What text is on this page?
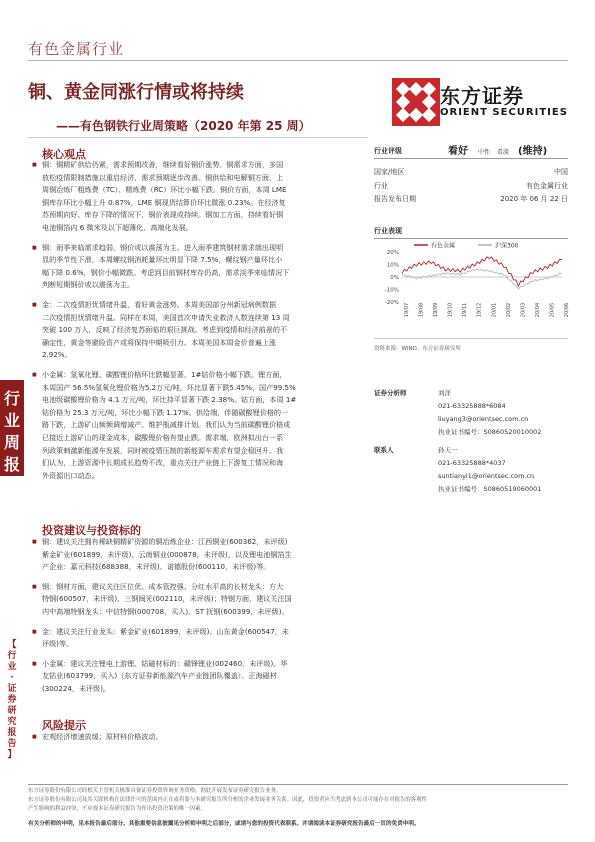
有色金属行业
铜、黄金同涨行情或将持续
——有色钢铁行业周策略（2020 年第 25 周）
东方证券
ORIENT SECURITIES
行
业
周
报
【
行
业
·
证
券
研
究
报
告
】
核心观点
■ 铜：铜精矿供给仍紧，需求预期改善，继续看好铜价涨势。铜需求方面，多国
放松疫情限制措施以重启经济，需求预期逐步改善。铜供给和电解铜方面，上
周铜冶炼厂粗炼费（TC）、精炼费（RC）环比小幅下跌。铜价方面，本周 LME
铜库存环比小幅上升 0.87%，LME 铜现货结算价环比微涨 0.23%。在经济复
苏预期向好、库存下降的情况下，铜价表现或持续。铜加工方面，持续看好铜
电池铜箔内 6 微米及以下超薄化、高端化发展。
■ 钢：雨季来临需求趋弱，钢价或以震荡为主。进入雨季建筑钢材需求端出现明
显的季节性下滑，本周螺纹钢消耗量环比明显下降 7.5%，螺纹钢产量环比小
幅下降 0.6%，钢价小幅微跌。考虑到目前钢材库存仍高，需求淡季来临情况下
判断短期钢价或以震荡为主。
■ 金：二次疫情担忧情绪升温，看好黄金涨势。本周美国部分州新冠病例数据
二次疫情担忧情绪升温。同样在本周，美国首次申请失业救济人数连续第 13 周
突破 100 万人，反映了经济复苏面临的艰巨挑战。考虑到疫情和经济前景的不
确定性，黄金等避险资产或将保持中期吸引力。本周美国本周金价普遍上涨
2.92%。
■ 小金属：氢氧化锂、碳酸锂价格环比跌幅显著，1#钴价格小幅下跌。锂方面，
本周国产 56.5%氢氧化锂价格为5.2万元/吨，环比显著下跌5.45%，国产99.5%
电池级碳酸锂价格为 4.1 万元/吨，环比持平显著下跌 2.38%。钴方面，本周 1#
钴价格为 25.3 万元/吨，环比小幅下跌 1.17%。供给端，伴随碳酸锂价格的一
路下跌，上游矿山频频调增减产、维护瓶减排计划。我们认为当前碳酸锂价格或
已接近上游矿山的现金成本，碳酸锂价格有望止跌。需求端，欧洲拟出台一系
列政策刺激新能源车发展，同时被疫情压制的新能源车需求有望企稳回升。我
们认为，上游资源中长期成长趋势不改，重点关注产业链上下游复工情况和海
外资源出口动态。
投资建议与投资标的
■ 铜：建议关注拥有稀缺铜精矿资源的铜冶炼企业：江西铜业(600362，未评级)
紫金矿业(601899，未评级)、云南铜业(000878，未评级)，以及锂电池铜箔生
产企业：嘉元科技(688388，未评级)、诺德股份(600110，未评级)等。
■ 钢：钢材方面，建议关注区位优、成本管控强、分红水平高的长材龙头：方大
特钢(600507，未评级)、三钢闽光(002110，未评级)；特钢方面，建议关注国
内中高端特钢龙头：中信特钢(000708，买入)、ST 抚钢(600399，未评级)。
■ 金：建议关注行业龙头：紫金矿业(601899，未评级)、山东黄金(600547，未
评级)等。
■ 小金属：建议关注锂电上游锂、钴磁材标的：赣锋锂业(002460，未评级)、华
友钴业(603799，买入)（东方证券新能源汽车产业链团队覆盖）、正海磁材
(300224，未评级)。
风险提示
■ 宏观经济增速放缓；原材料价格波动。
行业评级	看好 中性 看淡 (维持)
国家/地区	中国
行业	有色金属行业
报告发布日期	2020 年 06 月 22 日
行业表现
有色金属	沪深300
20%
10%
0%
-10%
-20% 19/07 19/08 19/09 19/10 19/11 19/12 20/01 20/02 20/03 20/04 20/05 20/06
资料来源：WIND、东方证券研究所
证券分析师	刘洋
021-63325888*6084
liuyang3@orientsec.com.cn
执业证书编号：S0860520010002
联系人	孙天一
021-63325888*4037
suntianyi1@orientsec.com.cn
执业证书编号：S0860519060001
东方证券股份有限公司经相关主管机关核准具备证券投资咨询业务资格，据此开展发布证券研究报告业务。
东方证券股份有限公司及其关联机构在法律许可的范围内正在或将要与本研究报告所分析的企业发展业务关系。因此，投资者应当考虑到本公司可能存在对报告的客观性
产生影响的利益冲突，不应视本证券研究报告为作出投资决策的唯一因素。
有关分析师的申明，见本报告最后部分。其他重要信息披露见分析师申明之后部分，或请与您的投资代表联系。并请阅读本证券研究报告最后一页的免责申明。
